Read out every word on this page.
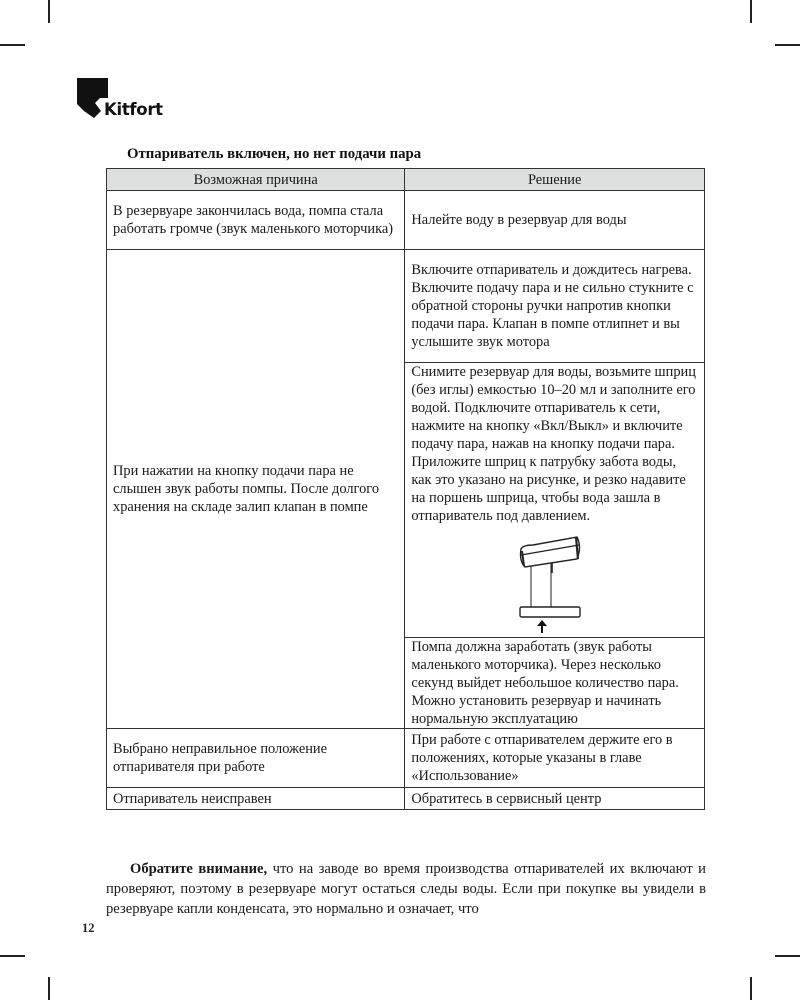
Kitfort
Отпариватель включен, но нет подачи пара
Возможная причина	Решение
В резервуаре закончилась вода, помпа стала работать громче (звук маленького моторчика)	Налейте воду в резервуар для воды
При нажатии на кнопку подачи пара не слышен звук работы помпы. После долгого хранения на складе залип клапан в помпе	Включите отпариватель и дождитесь нагрева. Включите подачу пара и не сильно стукните с обратной стороны ручки напротив кнопки подачи пара. Клапан в помпе отлипнет и вы услышите звук мотора

	Снимите резервуар для воды, возьмите шприц (без иглы) емкостью 10–20 мл и заполните его водой. Подключите отпариватель к сети, нажмите на кнопку «Вкл/Выкл» и включите подачу пара, нажав на кнопку подачи пара. Приложите шприц к патрубку забота воды, как это указано на рисунке, и резко надавите на поршень шприца, чтобы вода зашла в отпариватель под давлением.

	Помпа должна заработать (звук работы маленького моторчика). Через несколько секунд выйдет небольшое количество пара. Можно установить резервуар и начинать нормальную эксплуатацию
Выбрано неправильное положение отпаривателя при работе	При работе с отпаривателем держите его в положениях, которые указаны в главе «Использование»
Отпариватель неисправен	Обратитесь в сервисный центр
Обратите внимание, что на заводе во время производства отпаривателей их включают и проверяют, поэтому в резервуаре могут остаться следы воды. Если при покупке вы увидели в резервуаре капли конденсата, это нормально и означает, что
12
